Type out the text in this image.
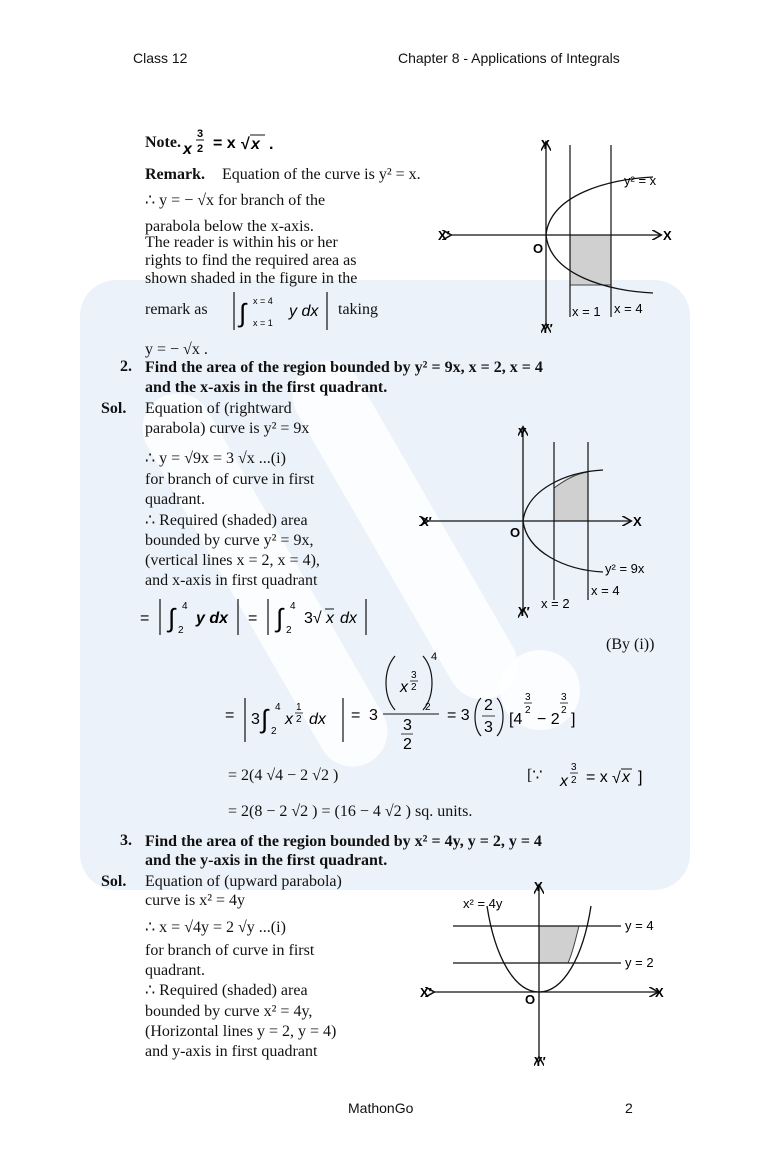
Class 12	Chapter 8 - Applications of Integrals
Note. 3
2
x = x √ x .
Remark. Equation of the curve is y² = x.
∴ y = − √x for branch of the
parabola below the x-axis.
The reader is within his or her
rights to find the required area as
shown shaded in the figure in the
remark as ∫ x = 4
x = 1
y dx taking
y = − √x .
Y
Y′
X
X′
O
y² = x
x = 1 x = 4
2. Find the area of the region bounded by y² = 9x, x = 2, x = 4
and the x-axis in the first quadrant.
Sol. Equation of (rightward
parabola) curve is y² = 9x
∴ y = √9x = 3 √x ...(i)
for branch of curve in first
quadrant.
∴ Required (shaded) area
bounded by curve y² = 9x,
(vertical lines x = 2, x = 4),
and x-axis in first quadrant
= ∫ 4
2
y dx = ∫ 4
2
3√ x dx
(By (i))
= 3 ∫ 4
2
x
1
2 dx = 3
x
3
2
4
2
3
2
= 3
2
3 [4
3
2
− 2
3
2
]
= 2(4 √4 − 2 √2 )	[∵ x
3
2 = x √ x ]
= 2(8 − 2 √2 ) = (16 − 4 √2 ) sq. units.
Y
Y′
X
X′
O
y² = 9x
x = 2
x = 4
3. Find the area of the region bounded by x² = 4y, y = 2, y = 4
and the y-axis in the first quadrant.
Sol. Equation of (upward parabola)
curve is x² = 4y
∴ x = √4y = 2 √y ...(i)
for branch of curve in first
quadrant.
∴ Required (shaded) area
bounded by curve x² = 4y,
(Horizontal lines y = 2, y = 4)
and y-axis in first quadrant
Y
Y′
X
X′	O
x² = 4y
y = 4
y = 2
MathonGo	2
